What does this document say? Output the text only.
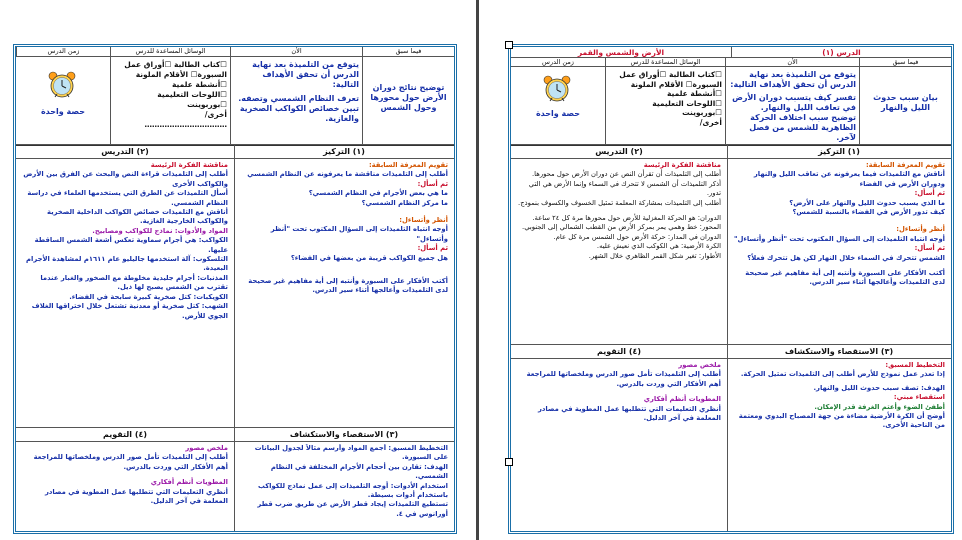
فيما سبق
الأن
الوسائل المساعدة للدرس
زمن الدرس
توضيح نتائج دوران الأرض حول محورها وحول الشمس
يتوقع من التلميذة بعد نهاية الدرس أن تحقق الأهداف التالية:
تعرف النظام الشمسي وتصفه.
تبين خصائص الكواكب الصخرية والغازية.
☐كتاب الطالبة ☐أوراق عمل
السبورة☐ الأقلام الملونة
☐أنشطة علمية
☐اللوحات التعليمية
☐بوربوينت
أخرى/
……………………………
حصة واحدة
(١) التركيز
(٢) التدريس
تقويم المعرفة السابقة:
أطلب إلى التلميذات مناقشة ما يعرفونه عن النظام الشمسي
ثم أسأل:
ما هي بعض الأجرام في النظام الشمسي؟
ما مركز النظام الشمسي؟
أنظر وأتساءل:
أوجه انتباه التلميذات إلى السؤال المكتوب تحت "أنظر وأتساءل"
ثم أسأل:
هل جميع الكواكب قريبة من بعضها في الفضاء؟
أكتب الأفكار على السبورة وأنتبه إلى أية مفاهيم غير صحيحة لدى التلميذات وأعالجها أثناء سير الدرس.
مناقشة الفكرة الرئيسة
أطلب إلى التلميذات قراءة النص والبحث عن الفرق بين الأرض والكواكب الأخرى
أسأل التلميذات عن الطرق التي يستخدمها العلماء في دراسة النظام الشمسي.
أناقش مع التلميذات خصائص الكواكب الداخلية الصخرية والكواكب الخارجية الغازية.
المواد والأدوات: نماذج للكواكب ومصابيح.
الكواكب: هي أجرام سماوية تعكس أشعة الشمس الساقطة عليها.
التلسكوب: آلة استخدمها جاليليو عام ١٦١١م لمشاهدة الأجرام البعيدة.
المذنبات: أجرام جليدية مخلوطة مع الصخور والغبار عندما تقترب من الشمس يصبح لها ذيل.
الكويكبات: كتل صخرية كبيرة سابحة في الفضاء.
الشهب: كتل صخرية أو معدنية تشتعل خلال اختراقها الغلاف الجوي للأرض.
(٣) الاستقصاء والاستكشاف
(٤) التقويم
التخطيط المسبق: أجمع المواد وأرسم مثالاً لجدول البيانات على السبورة.
الهدف: تقارن بين أحجام الأجرام المختلفة في النظام الشمسي.
استخدام الأدوات: أوجه التلميذات إلى عمل نماذج للكواكب باستخدام أدوات بسيطة.
تستطيع التلميذات إيجاد قطر الأرض عن طريق ضرب قطر أورانوس في ٤.
ملخص مصور
أطلب إلى التلميذات تأمل صور الدرس وملخصاتها للمراجعة أهم الأفكار التي وردت بالدرس.
المطويات أنظم أفكاري
أنظري التعليمات التي تتطلبها عمل المطوية في مصادر المعلمة في آخر الدليل.
الدرس (١)
الأرض والشمس والقمر
فيما سبق
الأن
الوسائل المساعدة للدرس
زمن الدرس
بيان سبب حدوث الليل والنهار
يتوقع من التلميذة بعد نهاية الدرس أن تحقق الأهداف التالية:
تفسر كيف يتسبب دوران الأرض في تعاقب الليل والنهار.
توضيح سبب اختلاف الحركة الظاهرية للشمس من فصل لآخر.
☐كتاب الطالبة ☐أوراق عمل
السبورة☐ الأقلام الملونة
☐أنشطة علمية
☐اللوحات التعليمية
☐بوربوينت
أخرى/
حصة واحدة
(١) التركيز
(٢) التدريس
تقويم المعرفة السابقة:
أناقش مع التلميذات فيما يعرفونه عن تعاقب الليل والنهار ودوران الأرض في الفضاء
ثم أسأل:
ما الذي يسبب حدوث الليل والنهار على الأرض؟
كيف تدور الأرض في الفضاء بالنسبة للشمس؟
أنظر وأتساءل:
أوجه انتباه التلميذات إلى السؤال المكتوب تحت "أنظر وأتساءل"
ثم أسأل:
الشمس تتحرك في السماء خلال النهار لكن هل تتحرك فعلاً؟
أكتب الأفكار على السبورة وأنتبه إلى أية مفاهيم غير صحيحة لدى التلميذات وأعالجها أثناء سير الدرس.
مناقشة الفكرة الرئيسة
أطلب إلى التلميذات أن تقرأن النص عن دوران الأرض حول محورها.
أذكر التلميذات أن الشمس لا تتحرك في السماء وإنما الأرض هي التي تدور.
أطلب إلى التلميذات بمشاركة المعلمة تمثيل الخسوف والكسوف بنموذج.
الدوران: هو الحركة المغزلية للأرض حول محورها مرة كل ٢٤ ساعة.
المحور: خط وهمي يمر بمركز الأرض من القطب الشمالي إلى الجنوبي.
الدوران في المدار: حركة الأرض حول الشمس مرة كل عام.
الكرة الأرضية: هي الكوكب الذي نعيش عليه.
الأطوار: تغير شكل القمر الظاهري خلال الشهر.
(٤) التقويم	(٣) الاستقصاء والاستكشاف
التخطيط المسبق:
إذا تعذر عمل نموذج للأرض أطلب إلى التلميذات تمثيل الحركة.
الهدف: تصف سبب حدوث الليل والنهار.
استقصاء مبني:
أطفئ الضوء وأعتم الغرفة قدر الإمكان.
أوضح أن الكرة الأرضية مضاءة من جهة المصباح البدوي ومعتمة من الناحية الأخرى.
ملخص مصور
أطلب إلى التلميذات تأمل صور الدرس وملخصاتها للمراجعة أهم الأفكار التي وردت بالدرس.
المطويات أنظم أفكاري
أنظري التعليمات التي تتطلبها عمل المطوية في مصادر المعلمة في آخر الدليل.
